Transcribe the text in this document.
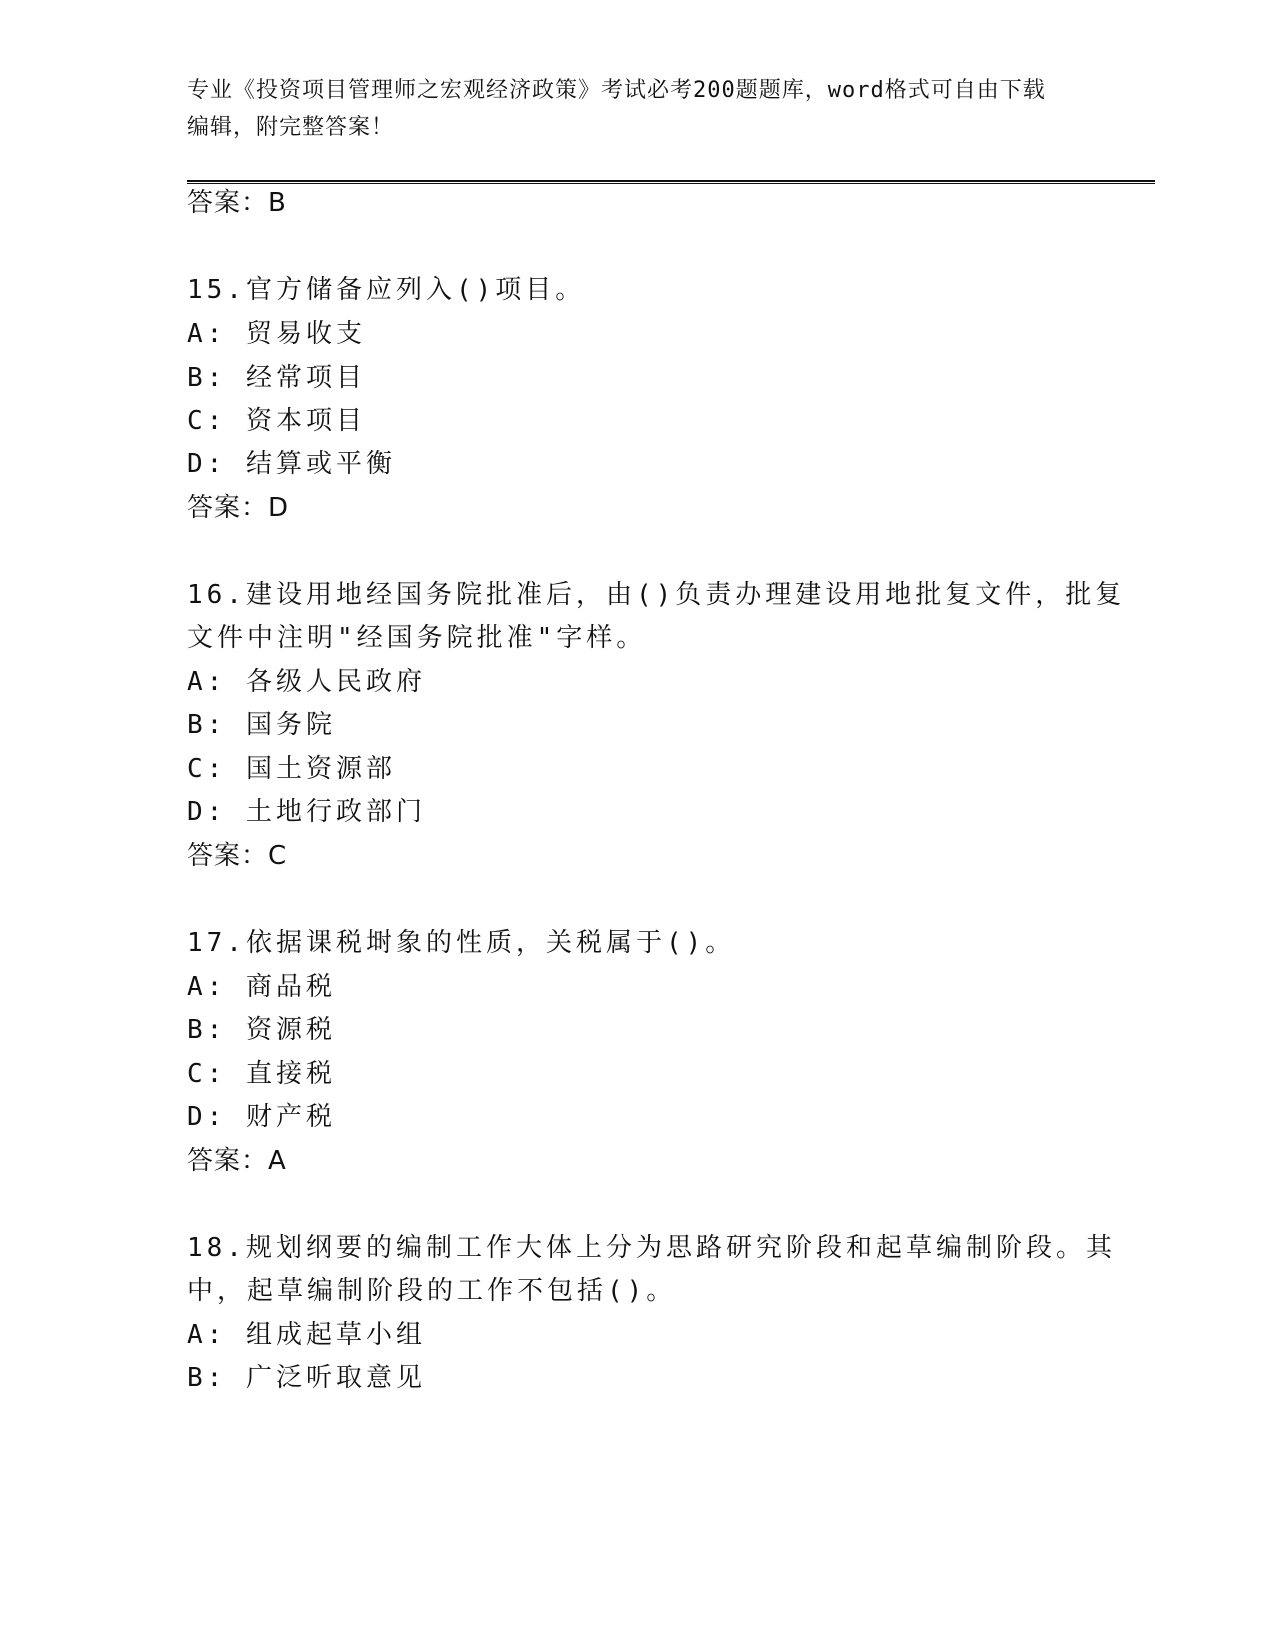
专业《投资项目管理师之宏观经济政策》考试必考200题题库，word格式可自由下载编辑，附完整答案！
答案：B
15.官方储备应列入()项目。
A: 贸易收支
B: 经常项目
C: 资本项目
D: 结算或平衡
答案：D
16.建设用地经国务院批准后，由()负责办理建设用地批复文件，批复
文件中注明"经国务院批准"字样。
A: 各级人民政府
B: 国务院
C: 国土资源部
D: 土地行政部门
答案：C
17.依据课税埘象的性质，关税属于()。
A: 商品税
B: 资源税
C: 直接税
D: 财产税
答案：A
18.规划纲要的编制工作大体上分为思路研究阶段和起草编制阶段。其
中，起草编制阶段的工作不包括()。
A: 组成起草小组
B: 广泛听取意见
